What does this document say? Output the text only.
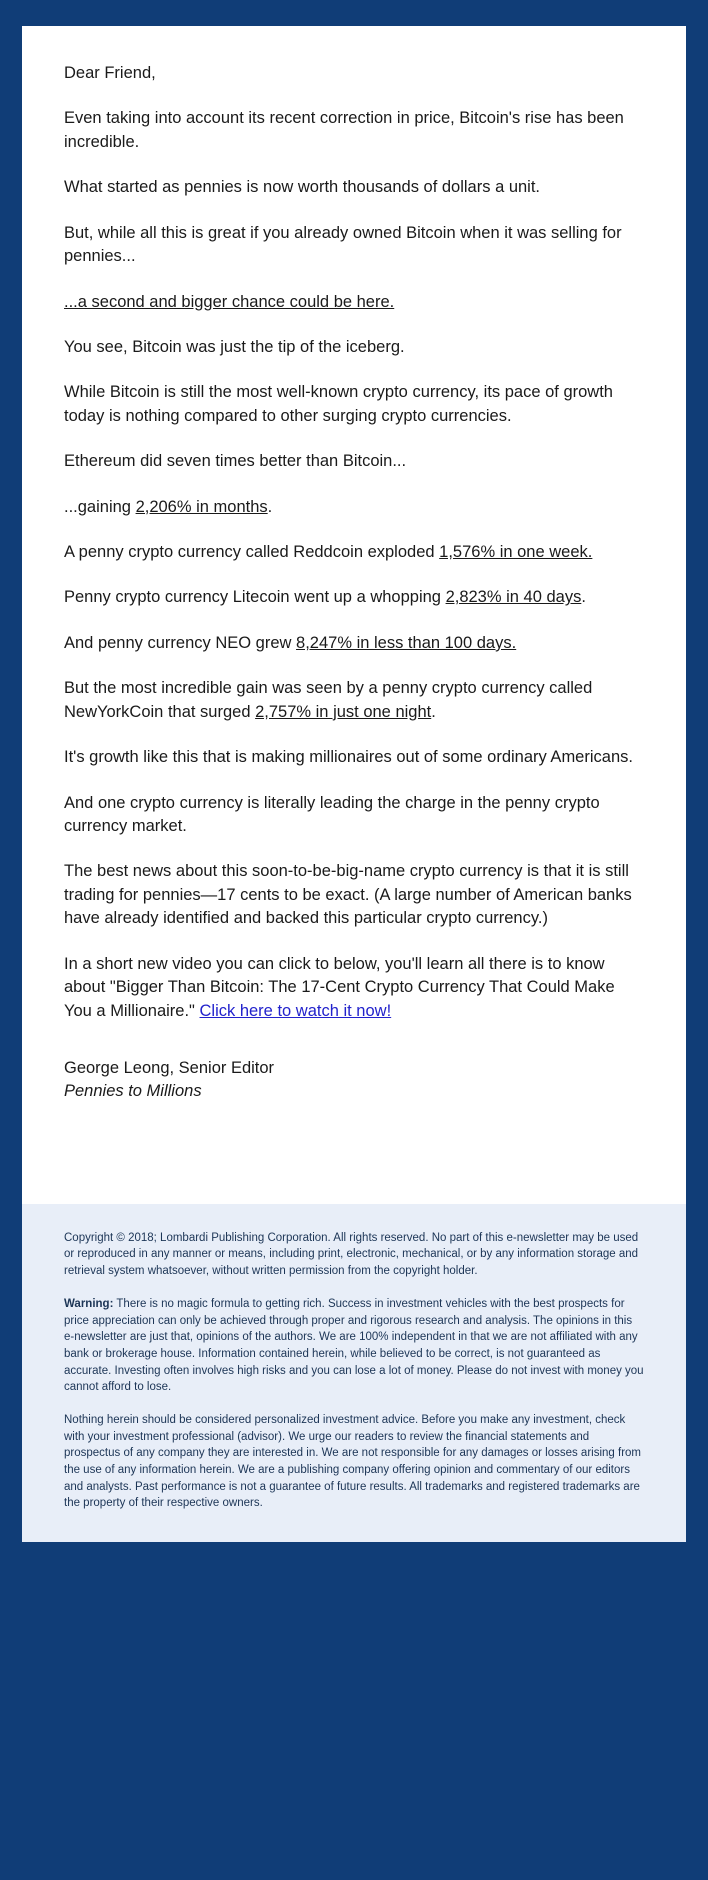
Dear Friend,

Even taking into account its recent correction in price, Bitcoin's rise has been incredible.

What started as pennies is now worth thousands of dollars a unit.

But, while all this is great if you already owned Bitcoin when it was selling for pennies...

...a second and bigger chance could be here.

You see, Bitcoin was just the tip of the iceberg.

While Bitcoin is still the most well-known crypto currency, its pace of growth today is nothing compared to other surging crypto currencies.

Ethereum did seven times better than Bitcoin...

...gaining 2,206% in months.

A penny crypto currency called Reddcoin exploded 1,576% in one week.

Penny crypto currency Litecoin went up a whopping 2,823% in 40 days.

And penny currency NEO grew 8,247% in less than 100 days.

But the most incredible gain was seen by a penny crypto currency called NewYorkCoin that surged 2,757% in just one night.

It's growth like this that is making millionaires out of some ordinary Americans.

And one crypto currency is literally leading the charge in the penny crypto currency market.

The best news about this soon-to-be-big-name crypto currency is that it is still trading for pennies—17 cents to be exact. (A large number of American banks have already identified and backed this particular crypto currency.)

In a short new video you can click to below, you'll learn all there is to know about "Bigger Than Bitcoin: The 17-Cent Crypto Currency That Could Make You a Millionaire." Click here to watch it now!

George Leong, Senior Editor
Pennies to Millions

Copyright © 2018; Lombardi Publishing Corporation. All rights reserved. No part of this e-newsletter may be used or reproduced in any manner or means, including print, electronic, mechanical, or by any information storage and retrieval system whatsoever, without written permission from the copyright holder.

Warning: There is no magic formula to getting rich. Success in investment vehicles with the best prospects for price appreciation can only be achieved through proper and rigorous research and analysis. The opinions in this e-newsletter are just that, opinions of the authors. We are 100% independent in that we are not affiliated with any bank or brokerage house. Information contained herein, while believed to be correct, is not guaranteed as accurate. Investing often involves high risks and you can lose a lot of money. Please do not invest with money you cannot afford to lose.

Nothing herein should be considered personalized investment advice. Before you make any investment, check with your investment professional (advisor). We urge our readers to review the financial statements and prospectus of any company they are interested in. We are not responsible for any damages or losses arising from the use of any information herein. We are a publishing company offering opinion and commentary of our editors and analysts. Past performance is not a guarantee of future results. All trademarks and registered trademarks are the property of their respective owners.
